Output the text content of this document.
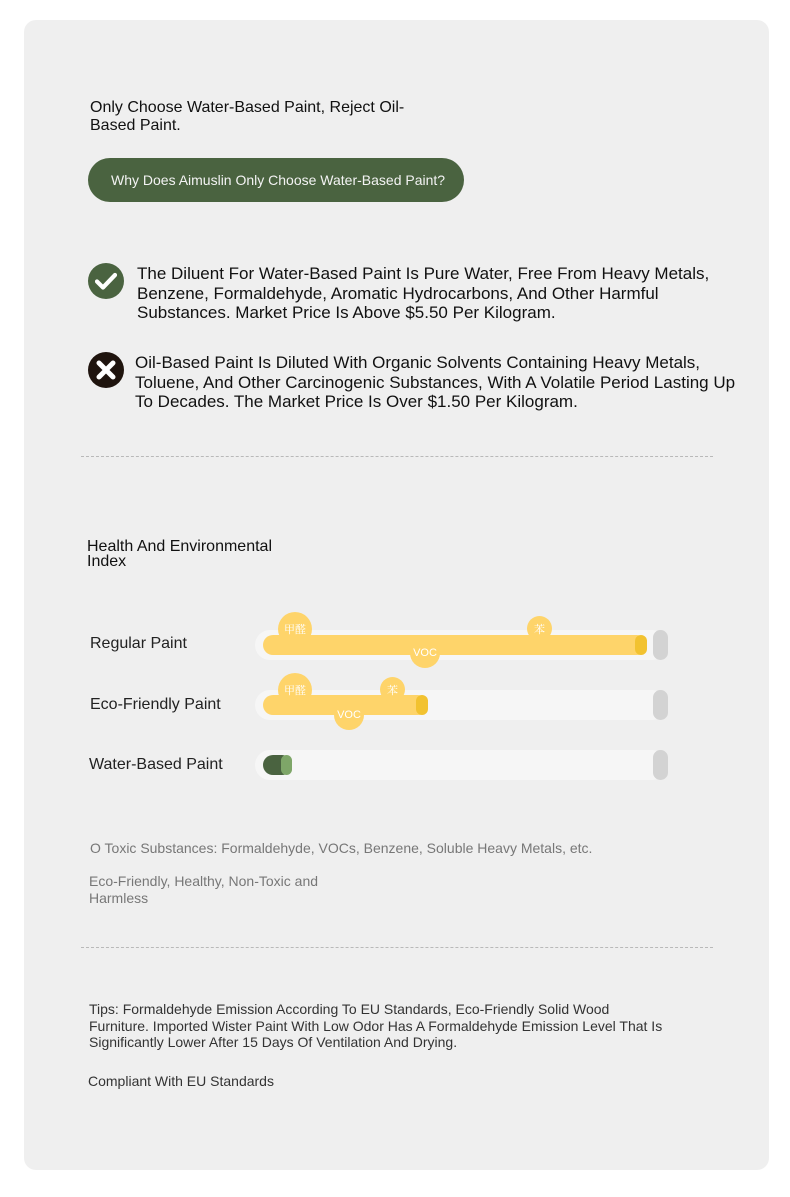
Only Choose Water-Based Paint, Reject Oil-Based Paint.
Why Does Aimuslin Only Choose Water-Based Paint?
The Diluent For Water-Based Paint Is Pure Water, Free From Heavy Metals, Benzene, Formaldehyde, Aromatic Hydrocarbons, And Other Harmful Substances. Market Price Is Above $5.50 Per Kilogram.
Oil-Based Paint Is Diluted With Organic Solvents Containing Heavy Metals, Toluene, And Other Carcinogenic Substances, With A Volatile Period Lasting Up To Decades. The Market Price Is Over $1.50 Per Kilogram.
Health And Environmental Index
Regular Paint
甲醛	苯
VOC
Eco-Friendly Paint
甲醛	苯
VOC
Water-Based Paint
O Toxic Substances: Formaldehyde, VOCs, Benzene, Soluble Heavy Metals, etc.
Eco-Friendly, Healthy, Non-Toxic and Harmless
Tips: Formaldehyde Emission According To EU Standards, Eco-Friendly Solid Wood Furniture. Imported Wister Paint With Low Odor Has A Formaldehyde Emission Level That Is Significantly Lower After 15 Days Of Ventilation And Drying.
Compliant With EU Standards
